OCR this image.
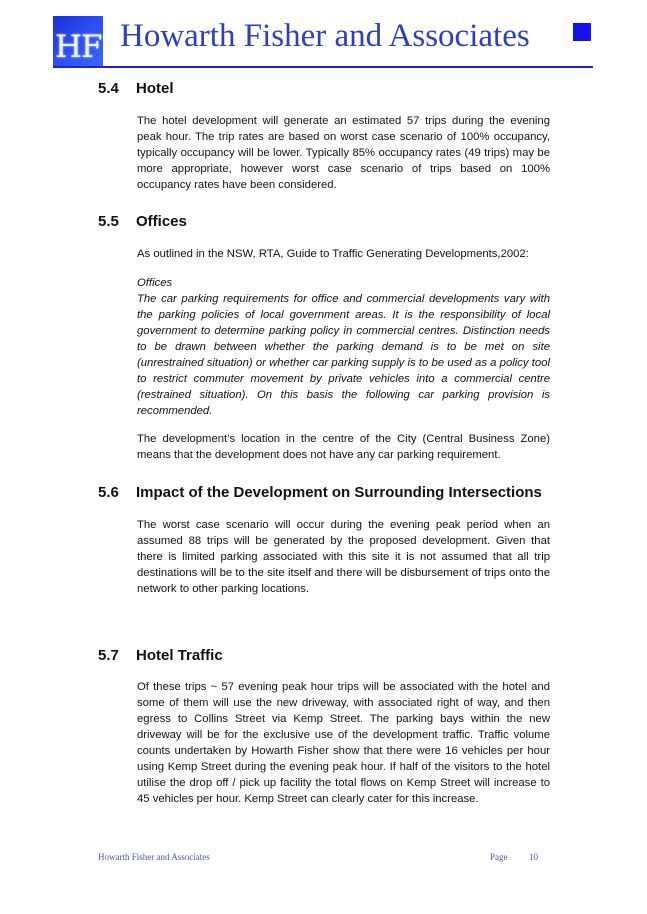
HF Howarth Fisher and Associates
5.4 Hotel

The hotel development will generate an estimated 57 trips during the evening peak hour. The trip rates are based on worst case scenario of 100% occupancy, typically occupancy will be lower. Typically 85% occupancy rates (49 trips) may be more appropriate, however worst case scenario of trips based on 100% occupancy rates have been considered.

5.5 Offices

As outlined in the NSW, RTA, Guide to Traffic Generating Developments,2002:

Offices

The car parking requirements for office and commercial developments vary with the parking policies of local government areas. It is the responsibility of local government to determine parking policy in commercial centres. Distinction needs to be drawn between whether the parking demand is to be met on site (unrestrained situation) or whether car parking supply is to be used as a policy tool to restrict commuter movement by private vehicles into a commercial centre (restrained situation). On this basis the following car parking provision is recommended.

The development’s location in the centre of the City (Central Business Zone) means that the development does not have any car parking requirement.

5.6 Impact of the Development on Surrounding Intersections

The worst case scenario will occur during the evening peak period when an assumed 88 trips will be generated by the proposed development. Given that there is limited parking associated with this site it is not assumed that all trip destinations will be to the site itself and there will be disbursement of trips onto the network to other parking locations.

5.7 Hotel Traffic

Of these trips ~ 57 evening peak hour trips will be associated with the hotel and some of them will use the new driveway, with associated right of way, and then egress to Collins Street via Kemp Street. The parking bays within the new driveway will be for the exclusive use of the development traffic. Traffic volume counts undertaken by Howarth Fisher show that there were 16 vehicles per hour using Kemp Street during the evening peak hour. If half of the visitors to the hotel utilise the drop off / pick up facility the total flows on Kemp Street will increase to 45 vehicles per hour. Kemp Street can clearly cater for this increase.

Howarth Fisher and Associates	Page 10
